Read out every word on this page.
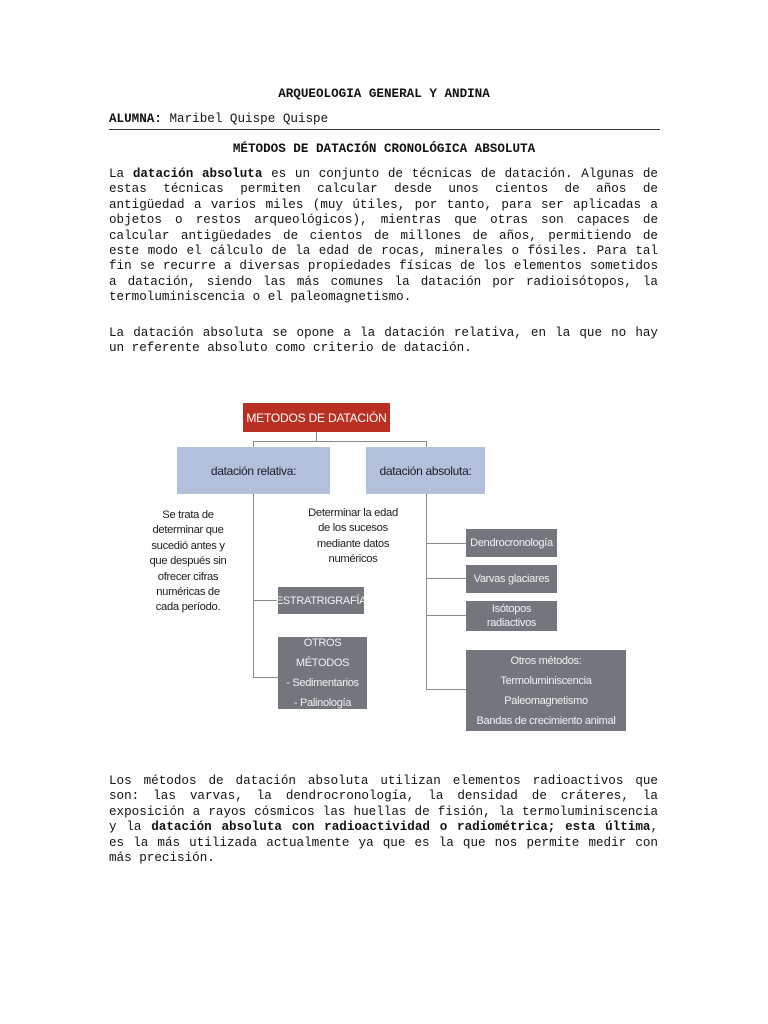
ARQUEOLOGIA GENERAL Y ANDINA
ALUMNA: Maribel Quispe Quispe
MÉTODOS DE DATACIÓN CRONOLÓGICA ABSOLUTA
La datación absoluta es un conjunto de técnicas de datación. Algunas de estas técnicas permiten calcular desde unos cientos de años de antigüedad a varios miles (muy útiles, por tanto, para ser aplicadas a objetos o restos arqueológicos), mientras que otras son capaces de calcular antigüedades de cientos de millones de años, permitiendo de este modo el cálculo de la edad de rocas, minerales o fósiles. Para tal fin se recurre a diversas propiedades físicas de los elementos sometidos a datación, siendo las más comunes la datación por radioisótopos, la termoluminiscencia o el paleomagnetismo.
La datación absoluta se opone a la datación relativa, en la que no hay un referente absoluto como criterio de datación.
METODOS DE DATACIÓN
datación relativa:	datación absoluta:
Se trata de
determinar que
sucedió antes y
que después sin
ofrecer cifras
numéricas de
cada período.
Determinar la edad
de los sucesos
mediante datos
numéricos
ESTRATRIGRAFÍA
OTROS MÉTODOS
- Sedimentarios
- Palinología
Dendrocronología
Varvas glaciares
Isótopos
radiactivos
Otros métodos:
Termoluminiscencia
Paleomagnetismo
Bandas de crecimiento animal
Los métodos de datación absoluta utilizan elementos radioactivos que son: las varvas, la dendrocronología, la densidad de cráteres, la exposición a rayos cósmicos las huellas de fisión, la termoluminiscencia y la datación absoluta con radioactividad o radiométrica; esta última, es la más utilizada actualmente ya que es la que nos permite medir con más precisión.
